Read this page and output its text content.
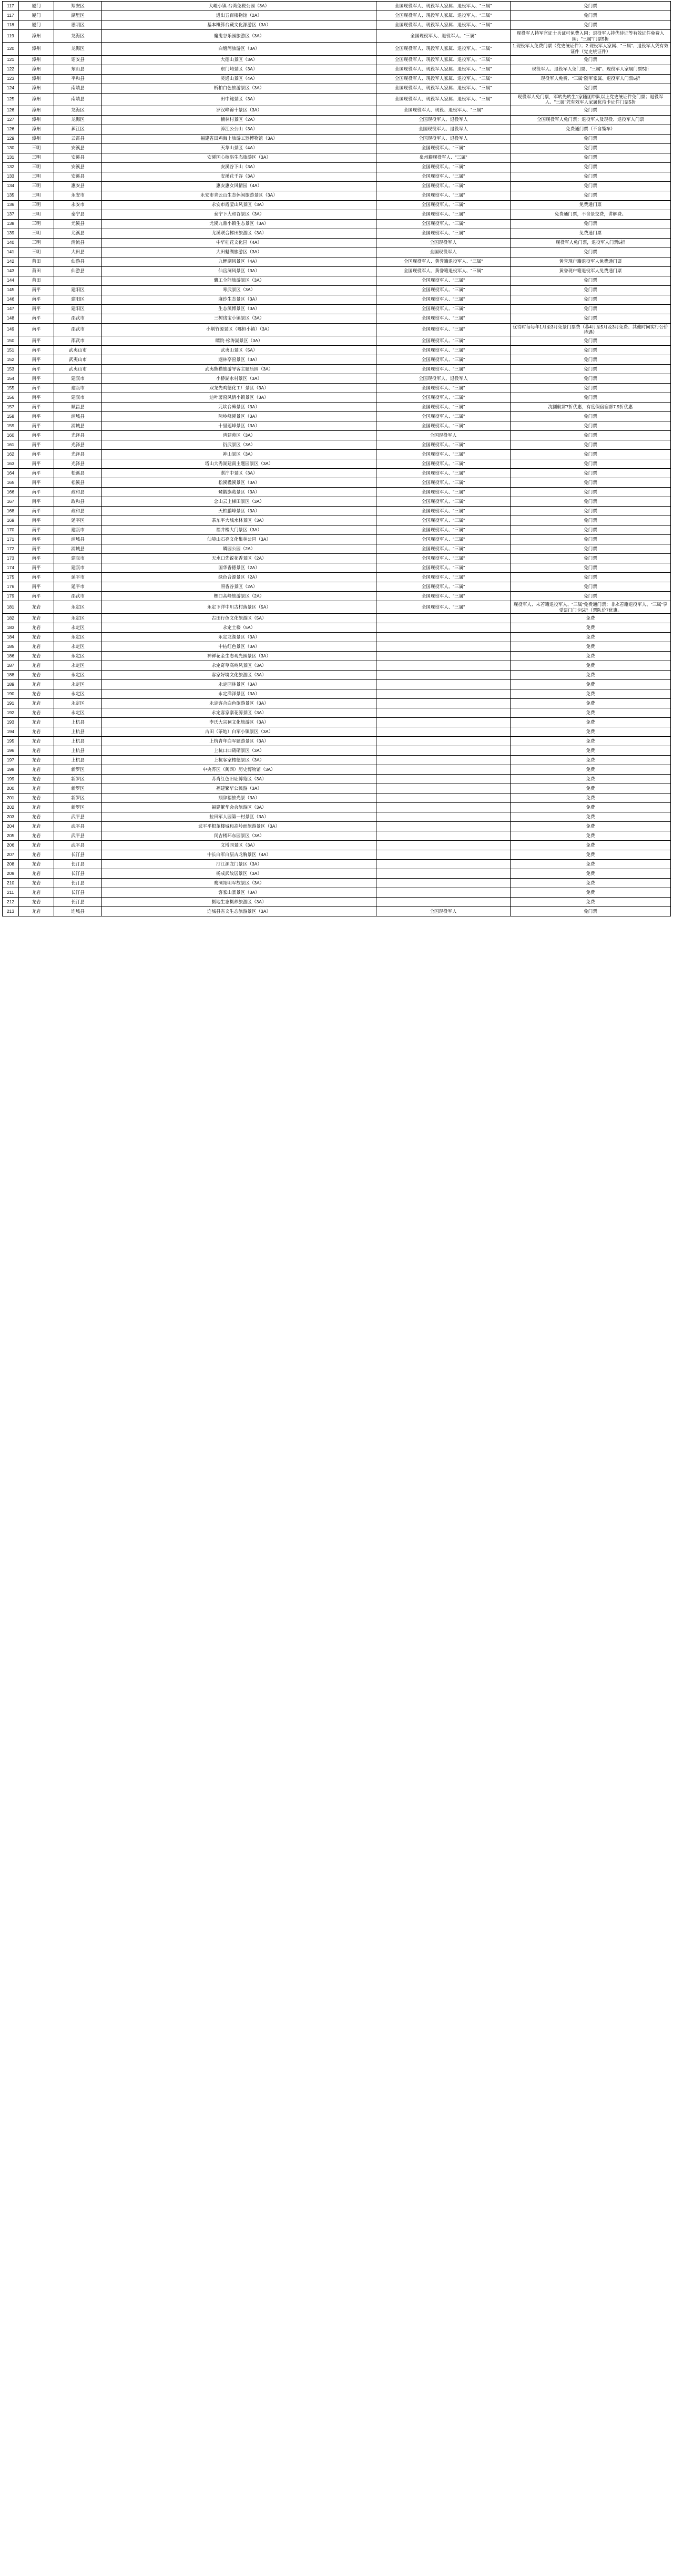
117	厦门	翔安区	大嶝小镇·台湾免税公园（3A）	全国现役军人、现役军人家属、退役军人、"三属"	免门票
117	厦门	湖里区	进出五百楼物馆（2A）	全国现役军人、现役军人家属、退役军人、"三属"	免门票
118	厦门	思明区	基本概算台藏文化源游区（3A）	全国现役军人、现役军人家属、退役军人、"三属"	免门票
119	漳州	龙海区	魔鬼谷乐园旅游区（3A）	全国现役军人、退役军人、"三属"	现役军人持军官证士兵证可免费入园；退役军人持优待证等有效证件免费入园；"三属"门票5折
120	漳州	龙海区	白塘湾旅游区（3A）	全国现役军人、现役军人家属、退役军人、"三属"	1.现役军人免费门票（党史统证件）；2.现役军人家属、"三属"、退役军人凭有效证件（党史统证件）
121	漳州	诏安县	大德山景区（3A）	全国现役军人、现役军人家属、退役军人、"三属"	免门票
122	漳州	东山县	东门屿景区（3A）	全国现役军人、现役军人家属、退役军人、"三属"	现役军人、退役军人免门票、"三属"、现役军人家属门票5折
123	漳州	平和县	灵通山景区（4A）	全国现役军人、现役军人家属、退役军人、"三属"	现役军人免费、"三属"随军家属、退役军人门票5折
124	漳州	南靖县	析柏白色旅游景区（3A）	全国现役军人、现役军人家属、退役军人、"三属"	免门票
125	漳州	南靖县	田中鲍景区（3A）	全国现役军人、现役军人家属、退役军人、"三属"	现役军人免门票，军转先转生1家随团带队以上党史统证件免门票；退役军人、"三属"凭有效军人家属优待卡证件门票5折
126	漳州	龙海区	罗汉峰锦十景区（3A）	全国现役军人、现役、退役军人、"三属"	免门票
127	漳州	龙海区	楠林村景区（2A）	全国现役军人、退役军人	全国现役军人免门票；退役军人及现役、退役军人门票
126	漳州	芗江区	漳江公公山（3A）	全国现役军人、退役军人	免费通门票（不含缆车）
129	漳州	云霄县	福建省田鸡海上旅游工器博物馆（3A）	全国现役军人、退役军人	免门票
130	三明	安溪县	天华山景区（4A）	全国现役军人、"三属"	免门票
131	三明	安溪县	安溪国心核浴生态旅游区（3A）	泉州籍现役军人、"三属"	免门票
132	三明	安溪县	安溪谷下山（3A）	全国现役军人、"三属"	免门票
133	三明	安溪县	安溪花千谷（3A）	全国现役军人、"三属"	免门票
134	三明	惠安县	惠安惠女风情园（4A）	全国现役军人、"三属"	免门票
135	三明	永安市	永安市青云山生态休闲旅游景区（3A）	全国现役军人、"三属"	免门票
136	三明	永安市	永安市霞莹山风景区（3A）	全国现役军人、"三属"	免费通门票
137	三明	泰宁县	泰宁下大和谷景区（3A）	全国现役军人、"三属"	免费通门票，不含景交费，讲解费。
138	三明	尤溪县	尤溪九鼎小镇生态景区（3A）	全国现役军人、"三属"	免门票
139	三明	尤溪县	尤溪联合梯田旅游区（3A）	全国现役军人、"三属"	免费通门票
140	三明	清流县	中华桂花文化园（4A）	全国现役军人	现役军人免门票，退役军人门票5折
141	三明	大田县	大田魁湖旅游区（3A）	全国现役军人	免门票
142	莆田	仙游县	九鲤湖风景区（4A）	全国现役军人、黄誉籍退役军人、"三属"	黄誉现户籍退役军人免费通门票
143	莆田	仙游县	仙岳洞风景区（3A）	全国现役军人、黄誉籍退役军人、"三属"	黄誉现户籍退役军人免费通门票
144	莆田		囊工全能旅游景区（3A）	全国现役军人、"三属"	免门票
145	南平	建阳区	寒武景区（3A）	全国现役军人、"三属"	免门票
146	南平	建阳区	麻纱生态景区（3A）	全国现役军人、"三属"	免门票
147	南平	建阳区	生态溪博景区（3A）	全国现役军人、"三属"	免门票
148	南平	邵武市	三树线宝小镇景区（3A）	全国现役军人、"三属"	免门票
149	南平	邵武市	小荆竹源景区（哪恒小镇）（3A）	全国现役军人、"三属"	优待时每每年1月至3月免景门票费（暮4月至5月及3月免费、其他时间实行公价待遇）
150	南平	邵武市	瞟院·松涛湖景区（3A）	全国现役军人、"三属"	免门票
151	南平	武夷山市	武夷山景区（5A）	全国现役军人、"三属"	免门票
152	南平	武夷山市	遇林亭窑景区（3A）	全国现役军人、"三属"	免门票
153	南平	武夷山市	武夷熊猫旅游导客主题乐园（3A）	全国现役军人、"三属"	免门票
154	南平	建瓯市	小桥湖水村景区（3A）	全国现役军人、退役军人	免门票
155	南平	建瓯市	双龙先鸡德化工厂景区（3A）	全国现役军人、"三属"	免门票
156	南平	建瓯市	迪叶署窑风情小镇景区（3A）	全国现役军人、"三属"	免门票
157	南平	顺昌县	元坎台碑景区（3A）	全国现役军人、"三属"	沈圆航常7折优惠，有度假宿宿部7.9折优惠
158	南平	浦城县	际岭峰溪景区（3A）	全国现役军人、"三属"	免门票
159	南平	浦城县	十里莲峰景区（3A）	全国现役军人、"三属"	免门票
160	南平	光泽县	鸿建苑区（3A）	全国现役军人	免门票
161	南平	光泽县	衍武景区（3A）	全国现役军人、"三属"	免门票
162	南平	光泽县	神山景区（3A）	全国现役军人、"三属"	免门票
163	南平	光泽县	塔山大秀湖建南主题园景区（3A）	全国现役军人、"三属"	免门票
164	南平	松溪县	湛泞中景区（3A）	全国现役军人、"三属"	免门票
165	南平	松溪县	松溪楹溪景区（3A）	全国现役军人、"三属"	免门票
166	南平	政和县	鹭鹳旗葛景区（3A）	全国现役军人、"三属"	免门票
167	南平	政和县	念山云上梯田景区（3A）	全国现役军人、"三属"	免门票
168	南平	政和县	天柏鹏峰景区（3A）	全国现役军人、"三属"	免门票
169	南平	延平区	茶东平大城水林景区（3A）	全国现役军人、"三属"	免门票
170	南平	建瓯市	福井楼大门景区（3A）	全国现役军人、"三属"	免门票
171	南平	浦城县	仙境山石亮文化集林公园（3A）	全国现役军人、"三属"	免门票
172	南平	浦城县	瞵园公园（2A）	全国现役军人、"三属"	免门票
173	南平	建瓯市	天水口先锐花香景区（2A）	全国现役军人、"三属"	免门票
174	南平	建瓯市	国华香德景区（2A）	全国现役军人、"三属"	免门票
175	南平	延平市	绿色合源景区（2A）	全国现役军人、"三属"	免门票
176	南平	延平市	照香谷景区（2A）	全国现役军人、"三属"	免门票
179	南平	邵武市	榔口高峰旅游景区（2A）	全国现役军人、"三属"	免门票
181	龙岩	永定区	永定下洋中川古村落景区（5A）	全国现役军人、"三属"	现役军人、未若籍退役军人、"三属"免费通门票；非永若籍退役军人、"三属"享受票门门卡5折（票队价7优惠。
182	龙岩	永定区	古田行色文化旅游区（5A）		免费
183	龙岩	永定区	永定土楼（5A）		免费
184	龙岩	永定区	永定龙湖景区（3A）		免费
185	龙岩	永定区	中枯红色景区（3A）		免费
186	龙岩	永定区	神鲜花金生态观光园景区（3A）		免费
187	龙岩	永定区	永定奇草高岭风景区（3A）		免费
188	龙岩	永定区	客家好境文化旅游区（3A）		免费
189	龙岩	永定区	永定园林景区（3A）		免费
190	龙岩	永定区	永定洋洋景区（3A）		免费
191	龙岩	永定区	永定客合白色旅游景区（3A）		免费
192	龙岩	永定区	永定客家寨花源景区（3A）		免费
193	龙岩	上杭县	李氏大宗祠文化旅游区（3A）		免费
194	龙岩	上杭县	古田（茶地）白军小镇景区（3A）		免费
195	龙岩	上杭县	上杭青年白军题游景区（3A）		免费
196	龙岩	上杭县	上杭口口硝硝景区（3A）		免费
197	龙岩	上杭县	上杭客家楼德景区（3A）		免费
198	龙岩	新罗区	中央苏区（闽西）历史博物馆（3A）		免费
199	龙岩	新罗区	苏肖红色旧址博览区（3A）		免费
200	龙岩	新罗区	福建繁华公民游（3A）		免费
201	龙岩	新罗区	翊辞福旅光景（3A）		免费
202	龙岩	新罗区	福建繁华会会旅游区（3A）		免费
203	龙岩	武平县	拉田军人园第一村景区（3A）		免费
204	龙岩	武平县	武平平根革楼城和高岭面旅游景区（3A）		免费
205	龙岩	武平县	闵吉楼环东园景区（3A）		免费
206	龙岩	武平县	文博园景区（3A）		免费
207	龙岩	长汀县	中长白军白层古龙胸景区（4A）		免费
208	龙岩	长汀县	汀江源龙门景区（3A）		免费
209	龙岩	长汀县	杨成武故居景区（3A）		免费
210	龙岩	长汀县	鹰洞翊明军故景区（3A）		免费
211	龙岩	长汀县	客家山寨景区（3A）		免费
212	龙岩	长汀县	摄地生态摄养旅游区（3A）		免费
213	龙岩	连城县	连城县省文生态旅游景区（3A）	全国现役军人	免门票
